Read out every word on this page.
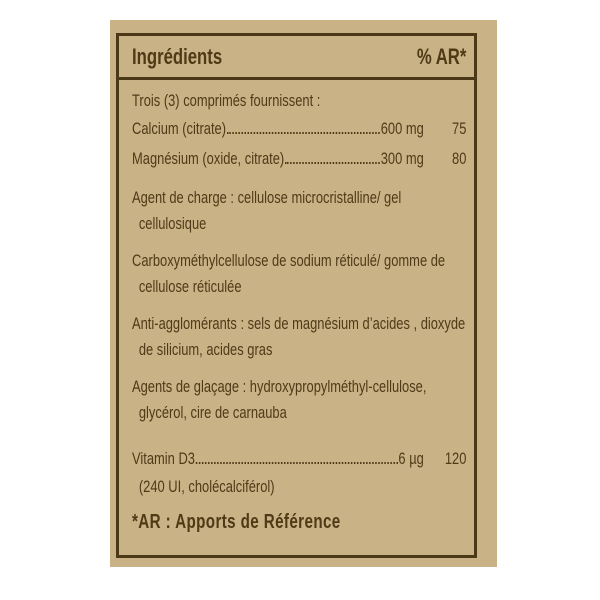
Ingrédients	% AR*
Trois (3) comprimés fournissent :
Calcium (citrate)	600 mg	75
Magnésium (oxide, citrate)	300 mg	80
Agent de charge : cellulose microcristalline/ gel cellulosique
Carboxyméthylcellulose de sodium réticulé/ gomme de cellulose réticulée
Anti-agglomérants : sels de magnésium d’acides , dioxyde de silicium, acides gras
Agents de glaçage : hydroxypropylméthyl-cellulose, glycérol, cire de carnauba
Vitamin D3	6 µg	120
(240 UI, cholécalciférol)
*AR : Apports de Référence
